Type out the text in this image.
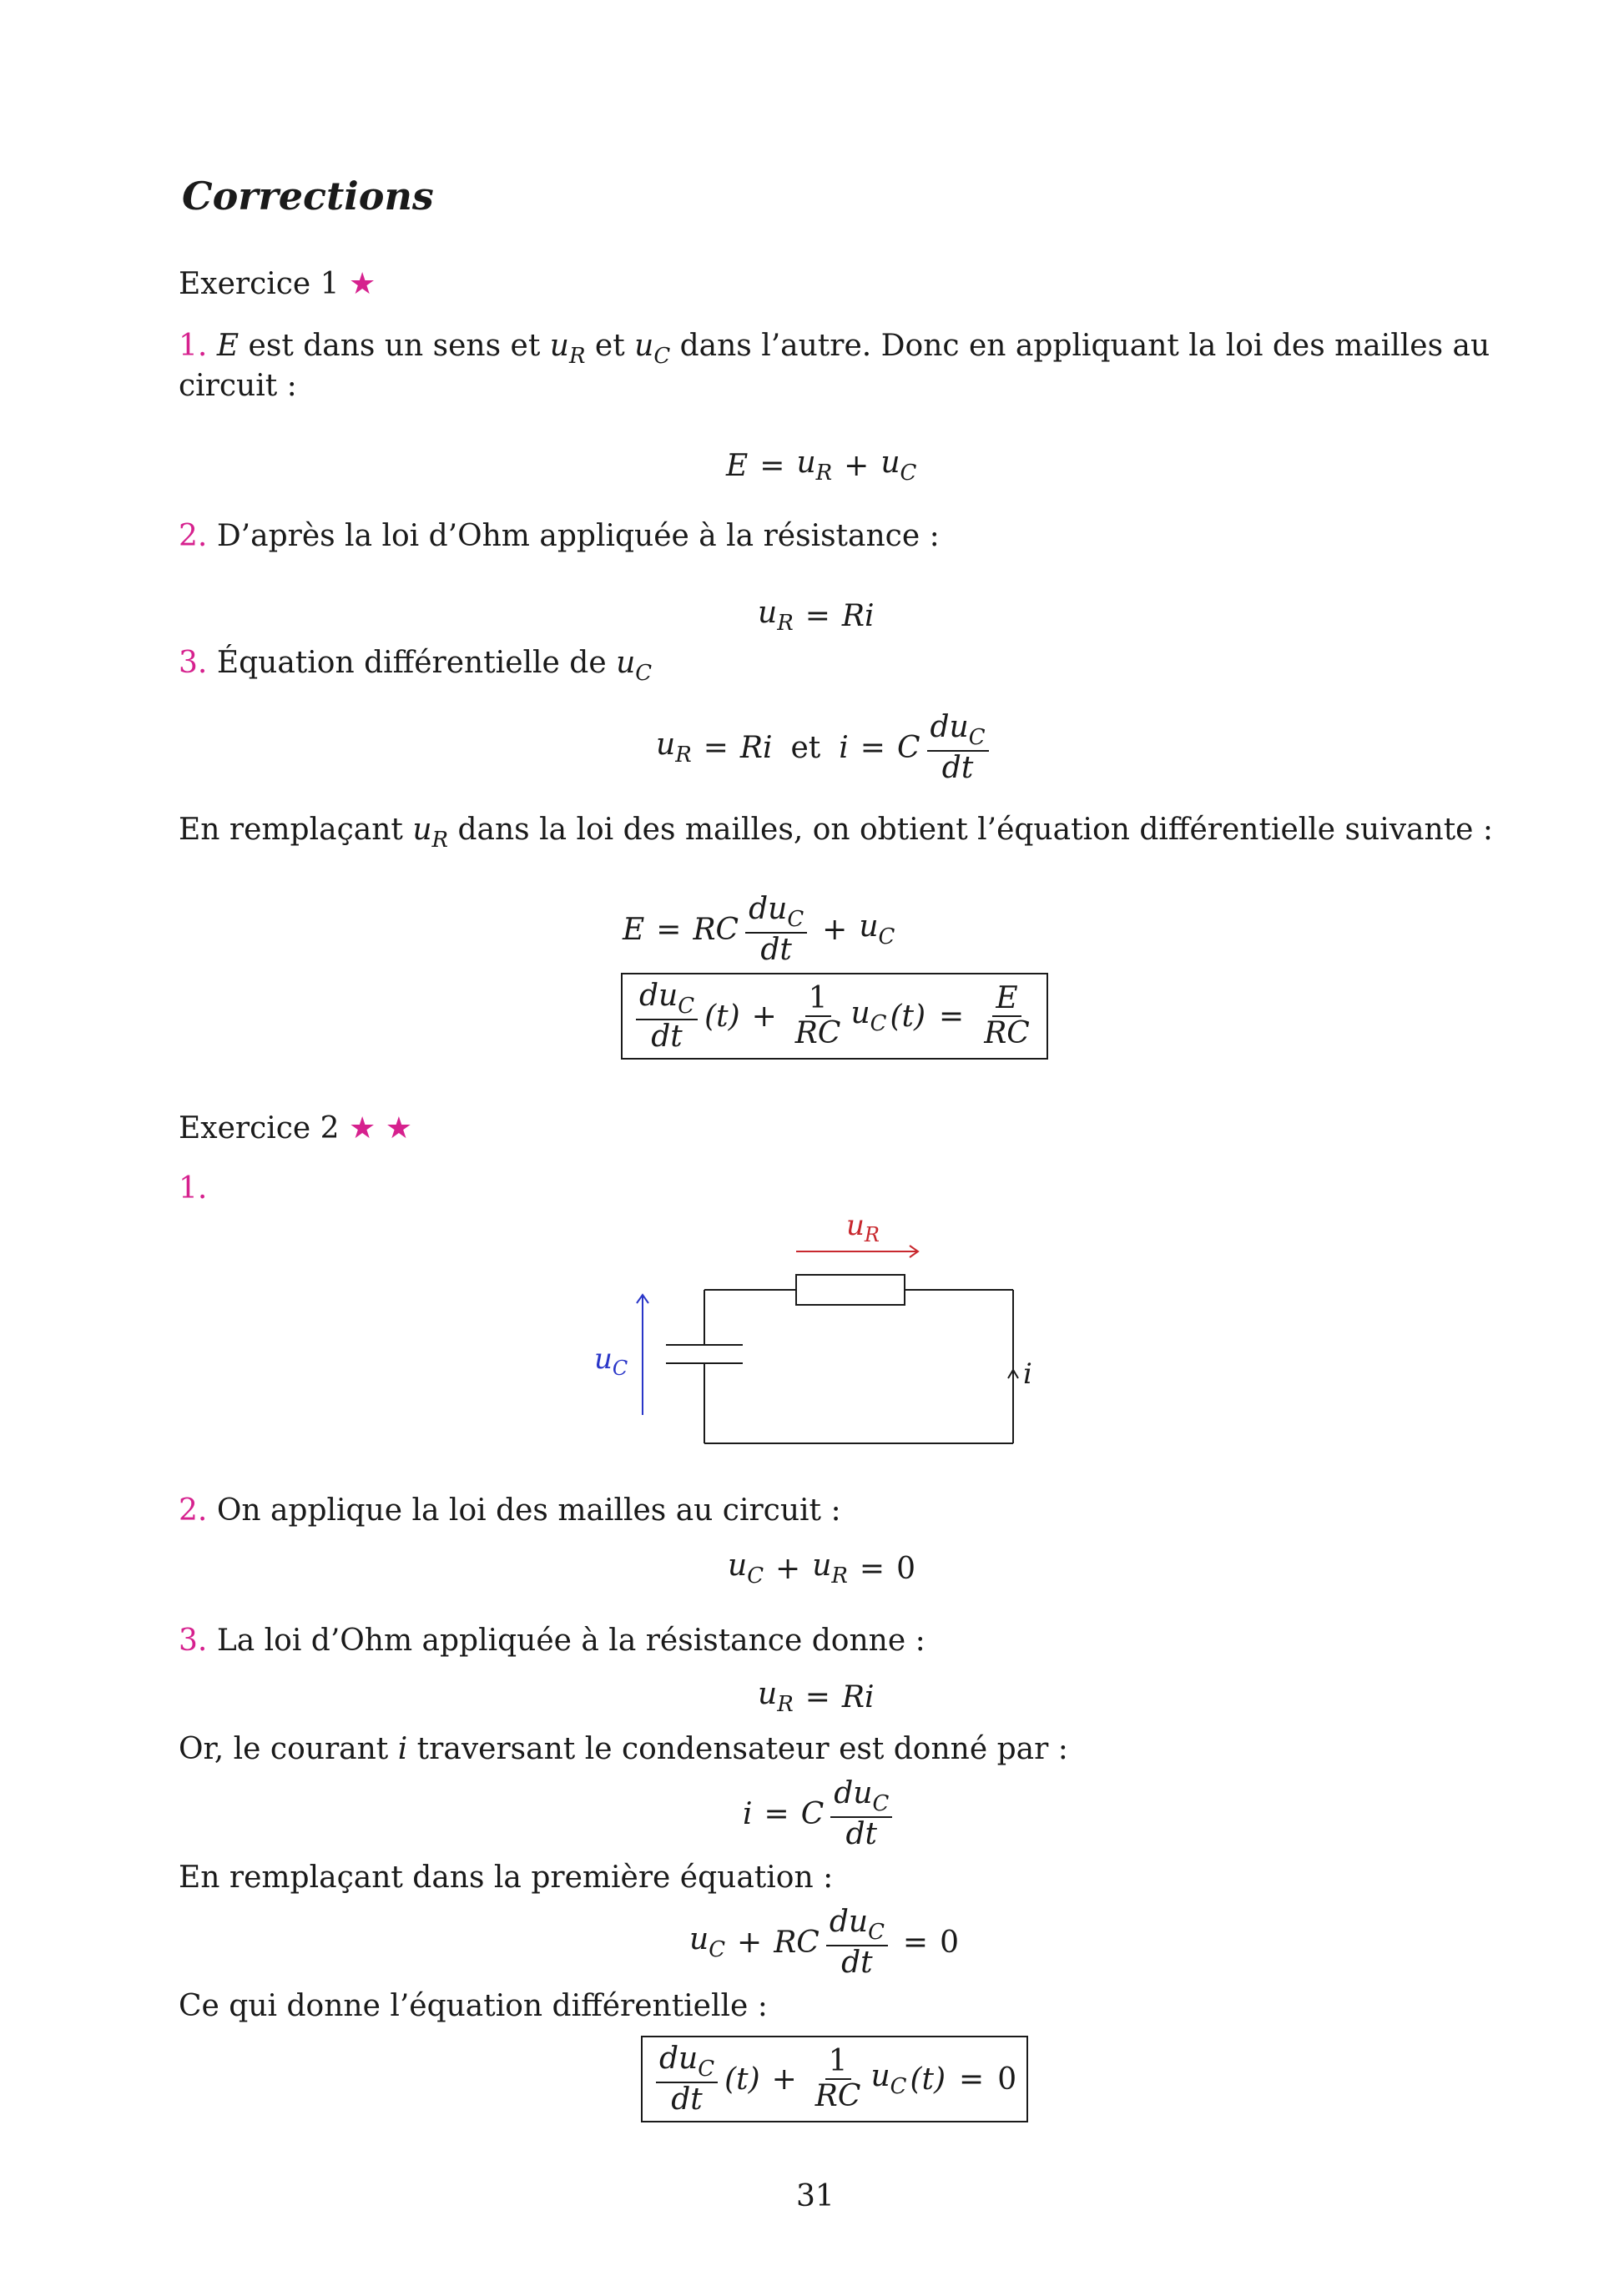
Corrections
Exercice 1 ★
1. E est dans un sens et $u_R$ et $u_C$ dans l’autre. Donc en appliquant la loi des mailles au
circuit :
$E = u_R + u_C$
2. D’après la loi d’Ohm appliquée à la résistance :
$u_R = Ri$
3. Équation différentielle de $u_C$
$u_R = Ri$ et i = C $\frac{du_C}{dt}$
En remplaçant $u_R$ dans la loi des mailles, on obtient l’équation différentielle suivante :
E = RC $\frac{du_C}{dt} + u_C$
$\frac{du_C}{dt} (t) + \frac{1}{RC} u_C$ $(t) = \frac{E}{RC}$
Exercice 2 ★ ★
1.
$u_R$
$u_C$	i
2. On applique la loi des mailles au circuit :
$u_C + u_R = 0$
3. La loi d’Ohm appliquée à la résistance donne :
$u_R = Ri$
Or, le courant i traversant le condensateur est donné par :
i = C $\frac{du_C}{dt}$
En remplaçant dans la première équation :
$u_C$ + RC $\frac{du_C}{dt} = 0$
Ce qui donne l’équation différentielle :
$\frac{du_C}{dt} (t) + \frac{1}{RC} u_C$ (t) = 0
31
